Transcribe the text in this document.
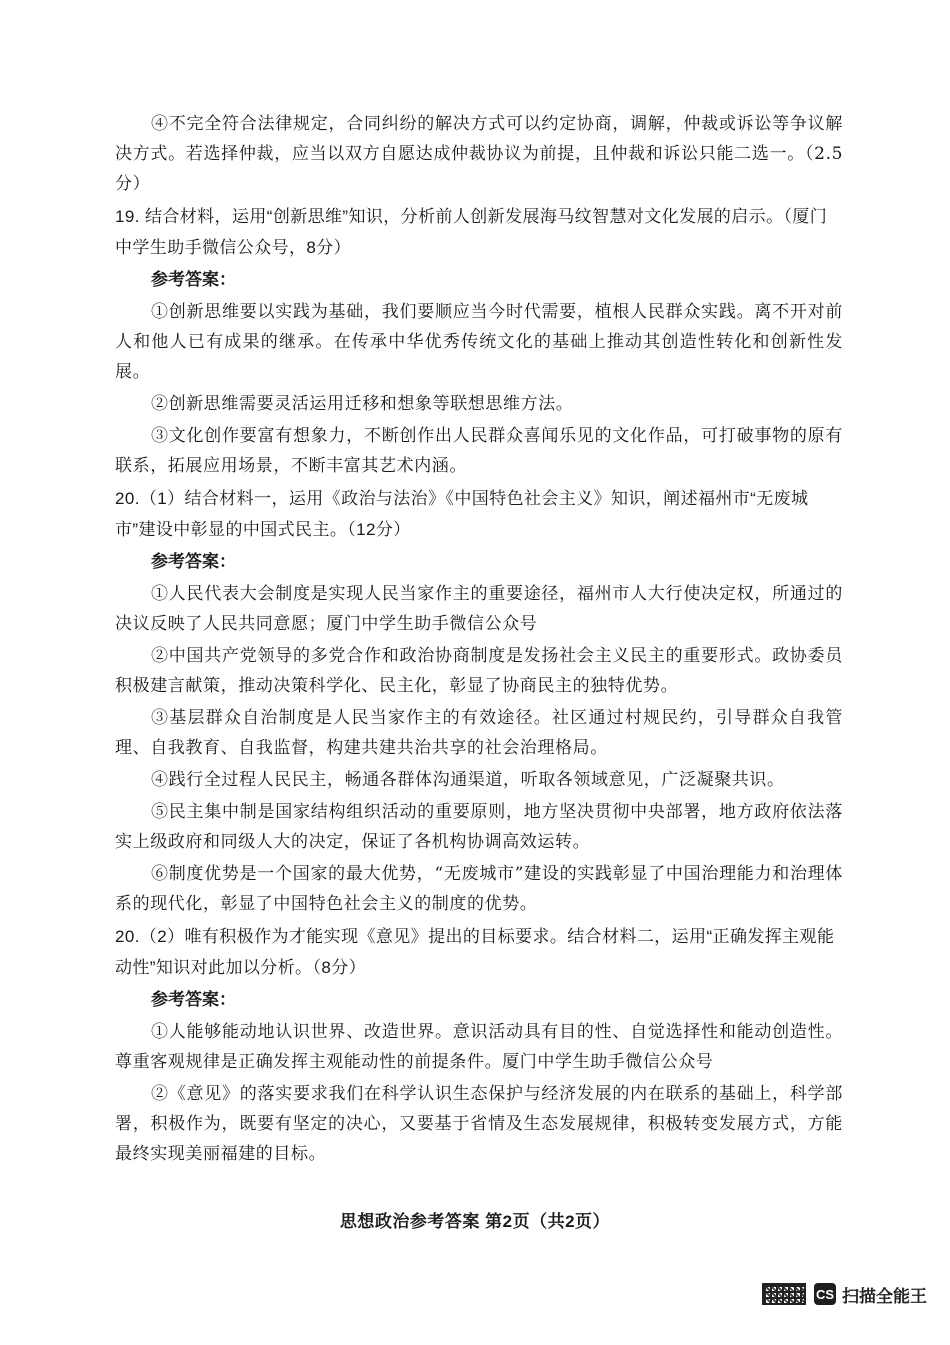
④不完全符合法律规定，合同纠纷的解决方式可以约定协商，调解，仲裁或诉讼等争议解决方式。若选择仲裁，应当以双方自愿达成仲裁协议为前提，且仲裁和诉讼只能二选一。（2.5分）

19. 结合材料，运用“创新思维”知识，分析前人创新发展海马纹智慧对文化发展的启示。（厦门中学生助手微信公众号，8分）

参考答案：

①创新思维要以实践为基础，我们要顺应当今时代需要，植根人民群众实践。离不开对前人和他人已有成果的继承。在传承中华优秀传统文化的基础上推动其创造性转化和创新性发展。

②创新思维需要灵活运用迁移和想象等联想思维方法。

③文化创作要富有想象力，不断创作出人民群众喜闻乐见的文化作品，可打破事物的原有联系，拓展应用场景，不断丰富其艺术内涵。

20.（1）结合材料一，运用《政治与法治》《中国特色社会主义》知识，阐述福州市“无废城市”建设中彰显的中国式民主。（12分）

参考答案：

①人民代表大会制度是实现人民当家作主的重要途径，福州市人大行使决定权，所通过的决议反映了人民共同意愿；厦门中学生助手微信公众号

②中国共产党领导的多党合作和政治协商制度是发扬社会主义民主的重要形式。政协委员积极建言献策，推动决策科学化、民主化，彰显了协商民主的独特优势。

③基层群众自治制度是人民当家作主的有效途径。社区通过村规民约，引导群众自我管理、自我教育、自我监督，构建共建共治共享的社会治理格局。

④践行全过程人民民主，畅通各群体沟通渠道，听取各领域意见，广泛凝聚共识。

⑤民主集中制是国家结构组织活动的重要原则，地方坚决贯彻中央部署，地方政府依法落实上级政府和同级人大的决定，保证了各机构协调高效运转。

⑥制度优势是一个国家的最大优势，“无废城市”建设的实践彰显了中国治理能力和治理体系的现代化，彰显了中国特色社会主义的制度的优势。

20.（2）唯有积极作为才能实现《意见》提出的目标要求。结合材料二，运用“正确发挥主观能动性”知识对此加以分析。（8分）

参考答案：

①人能够能动地认识世界、改造世界。意识活动具有目的性、自觉选择性和能动创造性。尊重客观规律是正确发挥主观能动性的前提条件。厦门中学生助手微信公众号

②《意见》的落实要求我们在科学认识生态保护与经济发展的内在联系的基础上，科学部署，积极作为，既要有坚定的决心，又要基于省情及生态发展规律，积极转变发展方式，方能最终实现美丽福建的目标。

思想政治参考答案 第2页（共2页）
CS 扫描全能王
